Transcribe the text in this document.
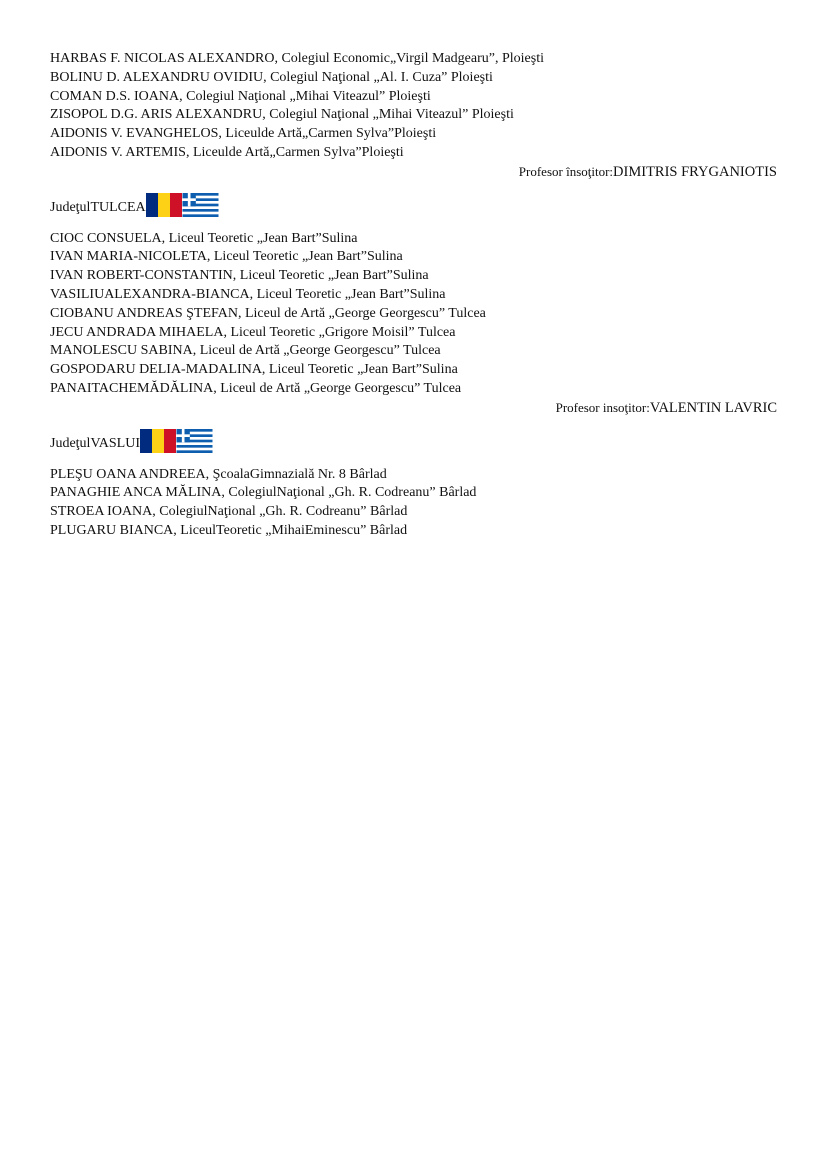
HARBAS F. NICOLAS ALEXANDRO, Colegiul Economic„Virgil Madgearu”, Ploieşti
BOLINU D. ALEXANDRU OVIDIU, Colegiul Naţional „Al. I. Cuza” Ploieşti
COMAN D.S. IOANA, Colegiul Naţional „Mihai Viteazul” Ploieşti
ZISOPOL D.G. ARIS ALEXANDRU, Colegiul Naţional „Mihai Viteazul” Ploieşti
AIDONIS V. EVANGHELOS, Liceulde Artă„Carmen Sylva”Ploieşti
AIDONIS V. ARTEMIS, Liceulde Artă„Carmen Sylva”Ploieşti
Profesor însoţitor:DIMITRIS FRYGANIOTIS
Judeţul TULCEA
CIOC CONSUELA, Liceul Teoretic „Jean Bart”Sulina
IVAN MARIA-NICOLETA, Liceul Teoretic „Jean Bart”Sulina
IVAN ROBERT-CONSTANTIN, Liceul Teoretic „Jean Bart”Sulina
VASILIUALEXANDRA-BIANCA, Liceul Teoretic „Jean Bart”Sulina
CIOBANU ANDREAS ŞTEFAN, Liceul de Artă „George Georgescu” Tulcea
JECU ANDRADA MIHAELA, Liceul Teoretic „Grigore Moisil” Tulcea
MANOLESCU SABINA, Liceul de Artă „George Georgescu” Tulcea
GOSPODARU DELIA-MADALINA, Liceul Teoretic „Jean Bart”Sulina
PANAITACHEMĂDĂLINA, Liceul de Artă „George Georgescu” Tulcea
Profesor insoţitor:VALENTIN LAVRIC
Judeţul VASLUI
PLEŞU OANA ANDREEA, ŞcoalaGimnazială Nr. 8 Bârlad
PANAGHIE ANCA MĂLINA, ColegiulNaţional „Gh. R. Codreanu” Bârlad
STROEA IOANA, ColegiulNaţional „Gh. R. Codreanu” Bârlad
PLUGARU BIANCA, LiceulTeoretic „MihaiEminescu” Bârlad
